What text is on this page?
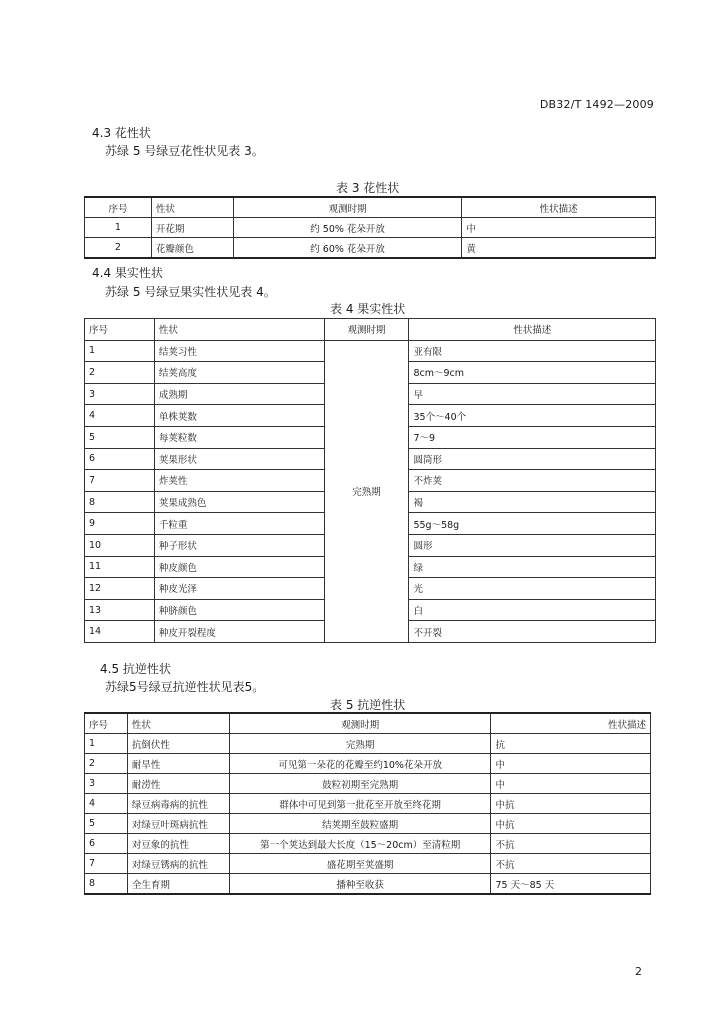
DB32/T 1492—2009
4.3 花性状
苏绿 5 号绿豆花性状见表 3。
表 3 花性状
序号	性状	观测时期	性状描述
1	开花期	约 50% 花朵开放	中
2	花瓣颜色	约 60% 花朵开放	黄
4.4 果实性状
苏绿 5 号绿豆果实性状见表 4。
表 4 果实性状
序号	性状	观测时期	性状描述
1	结荚习性	完熟期	亚有限
2	结荚高度		8cm～9cm
3	成熟期		早
4	单株荚数		35个～40个
5	每荚粒数		7～9
6	荚果形状		圆筒形
7	炸荚性		不炸荚
8	荚果成熟色		褐
9	千粒重		55g～58g
10	种子形状		圆形
11	种皮颜色		绿
12	种皮光泽		光
13	种脐颜色		白
14	种皮开裂程度		不开裂
4.5 抗逆性状
苏绿5号绿豆抗逆性状见表5。
表 5 抗逆性状
序号	性状	观测时期	性状描述
1	抗倒伏性	完熟期	抗
2	耐旱性	可见第一朵花的花瓣至约10%花朵开放	中
3	耐涝性	鼓粒初期至完熟期	中
4	绿豆病毒病的抗性	群体中可见到第一批花至开放至终花期	中抗
5	对绿豆叶斑病抗性	结荚期至鼓粒盛期	中抗
6	对豆象的抗性	第一个荚达到最大长度（15～20cm）至清粒期	不抗
7	对绿豆锈病的抗性	盛花期至荚盛期	不抗
8	全生育期	播种至收获	75 天～85 天
2
